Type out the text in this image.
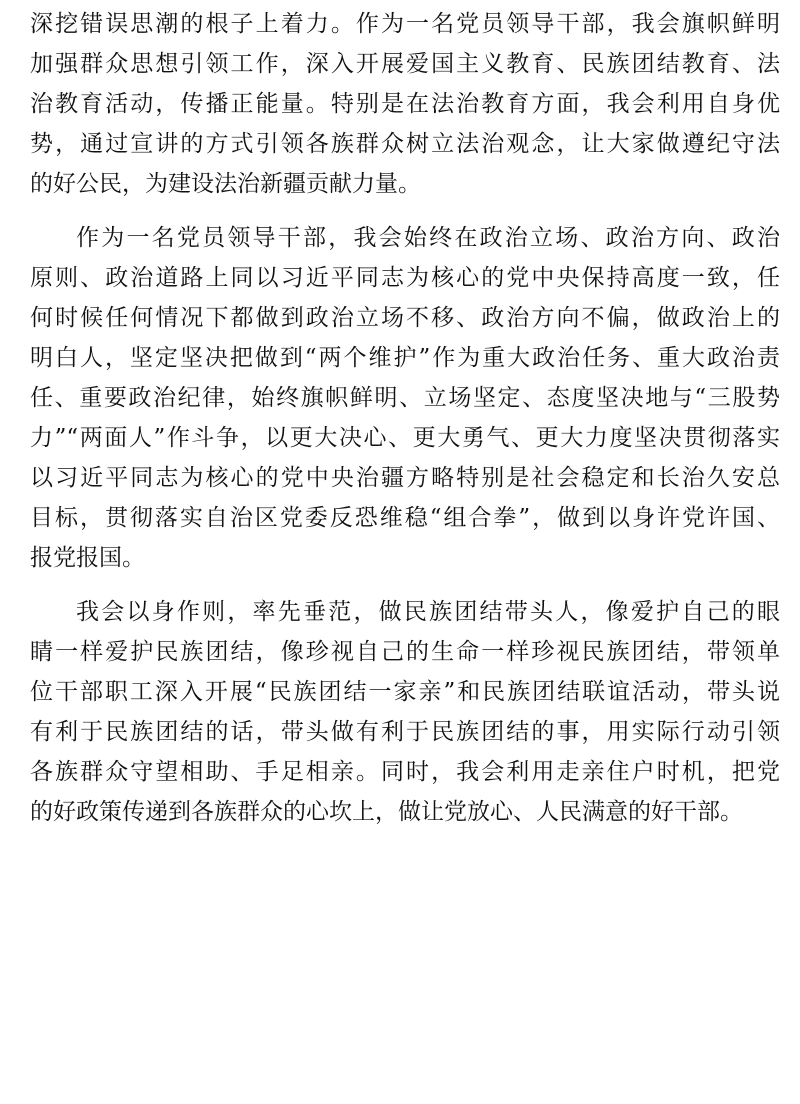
深挖错误思潮的根子上着力。作为一名党员领导干部，我会旗帜鲜明
加强群众思想引领工作，深入开展爱国主义教育、民族团结教育、法
治教育活动，传播正能量。特别是在法治教育方面，我会利用自身优
势，通过宣讲的方式引领各族群众树立法治观念，让大家做遵纪守法
的好公民，为建设法治新疆贡献力量。
作为一名党员领导干部，我会始终在政治立场、政治方向、政治
原则、政治道路上同以习近平同志为核心的党中央保持高度一致，任
何时候任何情况下都做到政治立场不移、政治方向不偏，做政治上的
明白人，坚定坚决把做到“两个维护”作为重大政治任务、重大政治责
任、重要政治纪律，始终旗帜鲜明、立场坚定、态度坚决地与“三股势
力”“两面人”作斗争，以更大决心、更大勇气、更大力度坚决贯彻落实
以习近平同志为核心的党中央治疆方略特别是社会稳定和长治久安总
目标，贯彻落实自治区党委反恐维稳“组合拳”，做到以身许党许国、
报党报国。
我会以身作则，率先垂范，做民族团结带头人，像爱护自己的眼
睛一样爱护民族团结，像珍视自己的生命一样珍视民族团结，带领单
位干部职工深入开展“民族团结一家亲”和民族团结联谊活动，带头说
有利于民族团结的话，带头做有利于民族团结的事，用实际行动引领
各族群众守望相助、手足相亲。同时，我会利用走亲住户时机，把党
的好政策传递到各族群众的心坎上，做让党放心、人民满意的好干部。
